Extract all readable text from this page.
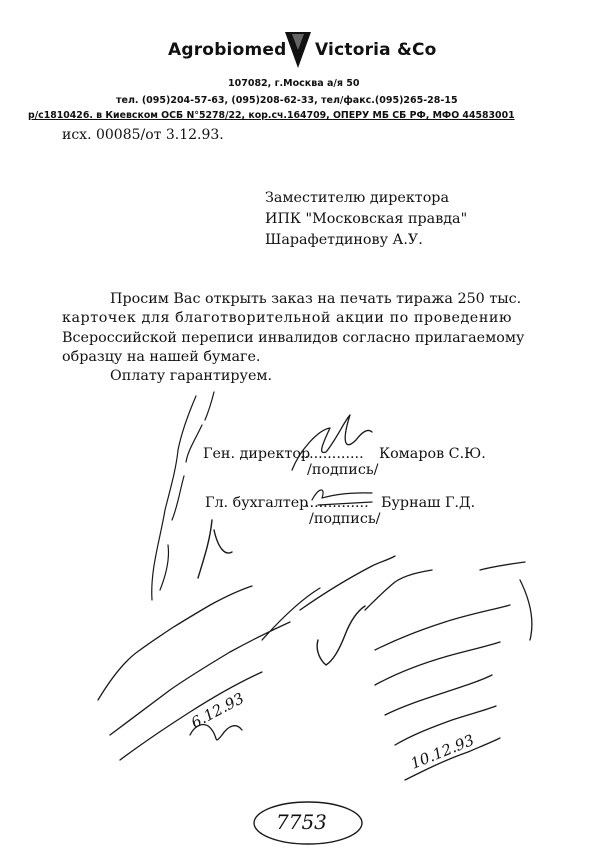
Agrobiomed Victoria &Co
107082, г.Москва а/я 50
тел. (095)204-57-63, (095)208-62-33, тел/факс.(095)265-28-15
р/с1810426. в Киевском ОСБ N°5278/22, кор.сч.164709, ОПЕРУ МБ СБ РФ, МФО 44583001
исх. 00085/от 3.12.93.
Заместителю директора
ИПК "Московская правда"
Шарафетдинову А.У.
Просим Вас открыть заказ на печать тиража 250 тыс.
карточек для благотворительной акции по проведению
Всероссийской переписи инвалидов согласно прилагаемому
образцу на нашей бумаге.
Оплату гарантируем.
Ген. директор
.............. Комаров С.Ю.
/подпись/
Гл. бухгалтер
.............. Бурнаш Г.Д.
/подпись/
7753
6.12.93
10.12.93
